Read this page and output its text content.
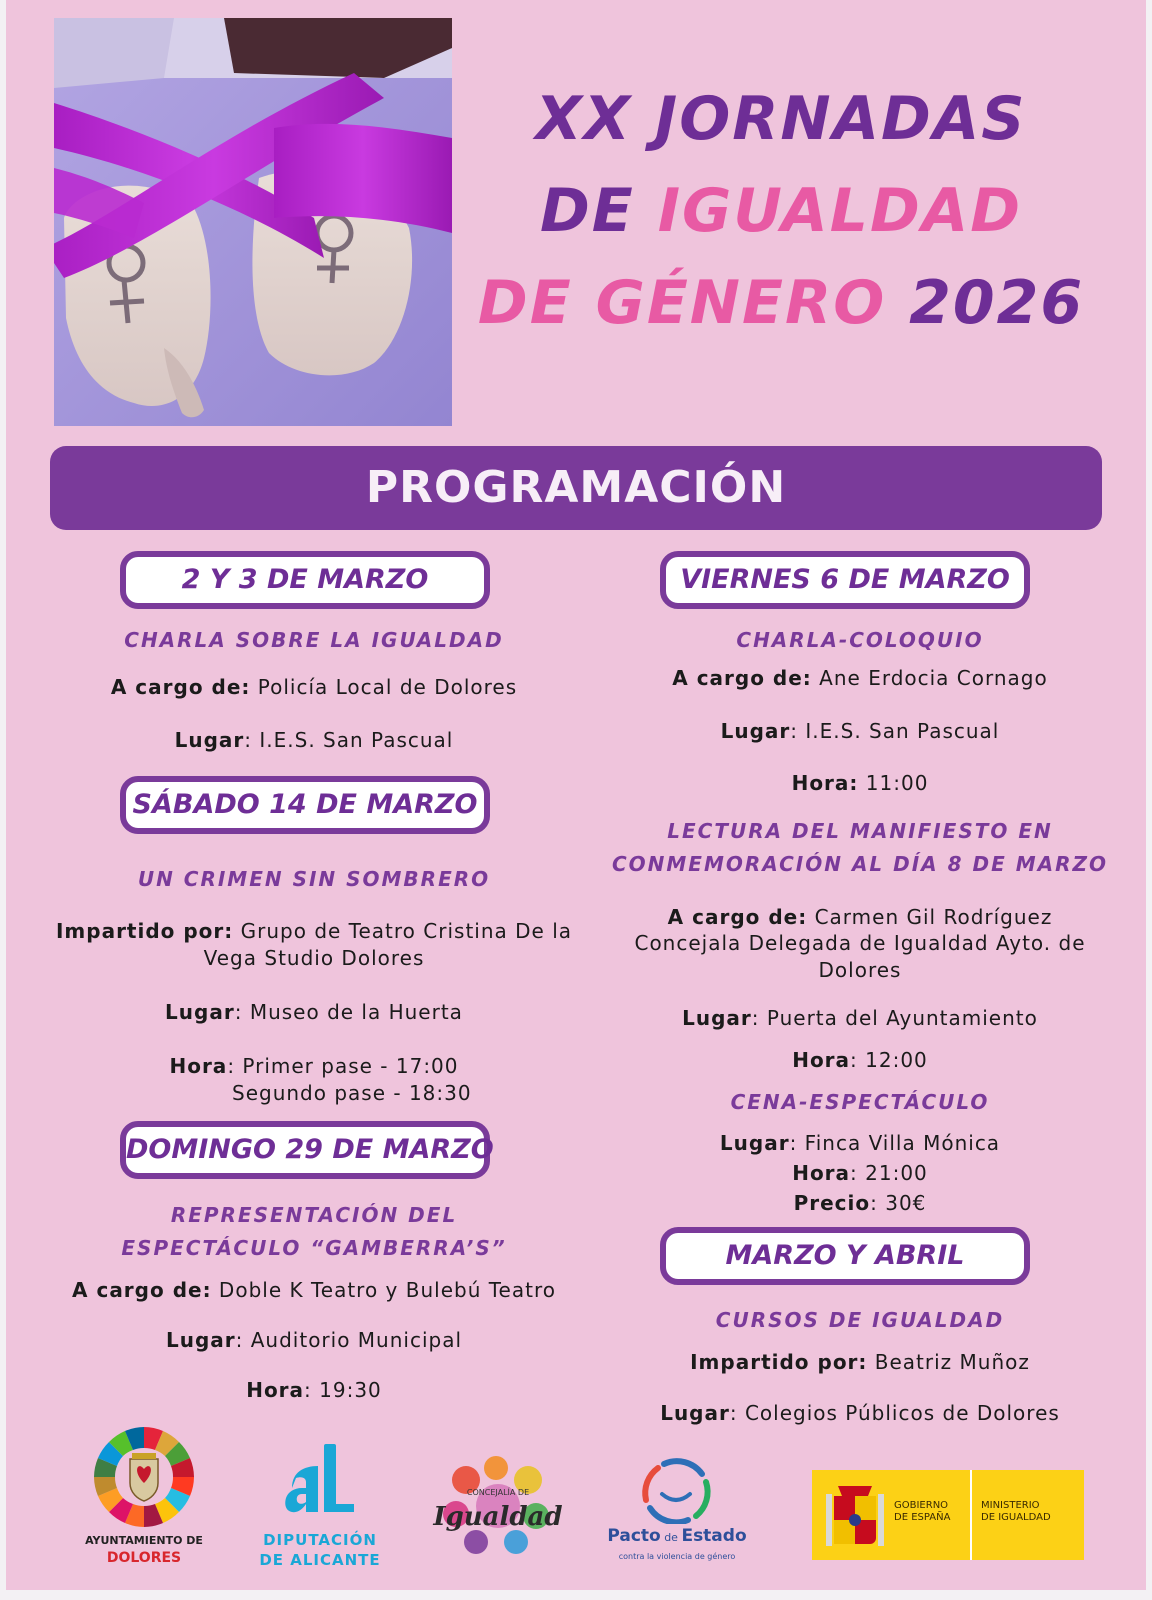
XX JORNADAS
DE IGUALDAD
DE GÉNERO 2026
PROGRAMACIÓN
2 Y 3 DE MARZO
CHARLA SOBRE LA IGUALDAD
A cargo de: Policía Local de Dolores
Lugar: I.E.S. San Pascual
SÁBADO 14 DE MARZO
UN CRIMEN SIN SOMBRERO
Impartido por: Grupo de Teatro Cristina De la Vega Studio Dolores
Lugar: Museo de la Huerta
Hora: Primer pase - 17:00
Segundo pase - 18:30
DOMINGO 29 DE MARZO
REPRESENTACIÓN DEL
ESPECTÁCULO “GAMBERRA’S”
A cargo de: Doble K Teatro y Bulebú Teatro
Lugar: Auditorio Municipal
Hora: 19:30
VIERNES 6 DE MARZO
CHARLA-COLOQUIO
A cargo de: Ane Erdocia Cornago
Lugar: I.E.S. San Pascual
Hora: 11:00
LECTURA DEL MANIFIESTO EN
CONMEMORACIÓN AL DÍA 8 DE MARZO
A cargo de: Carmen Gil Rodríguez
Concejala Delegada de Igualdad Ayto. de Dolores
Lugar: Puerta del Ayuntamiento
Hora: 12:00
CENA-ESPECTÁCULO
Lugar: Finca Villa Mónica
Hora: 21:00
Precio: 30€
MARZO Y ABRIL
CURSOS DE IGUALDAD
Impartido por: Beatriz Muñoz
Lugar: Colegios Públicos de Dolores
AYUNTAMIENTO DE
DOLORES
DIPUTACIÓN
DE ALICANTE
CONCEJALÍA DE
Igualdad
Pacto de Estado
contra la violencia de género
GOBIERNO
DE ESPAÑA
MINISTERIO
DE IGUALDAD
